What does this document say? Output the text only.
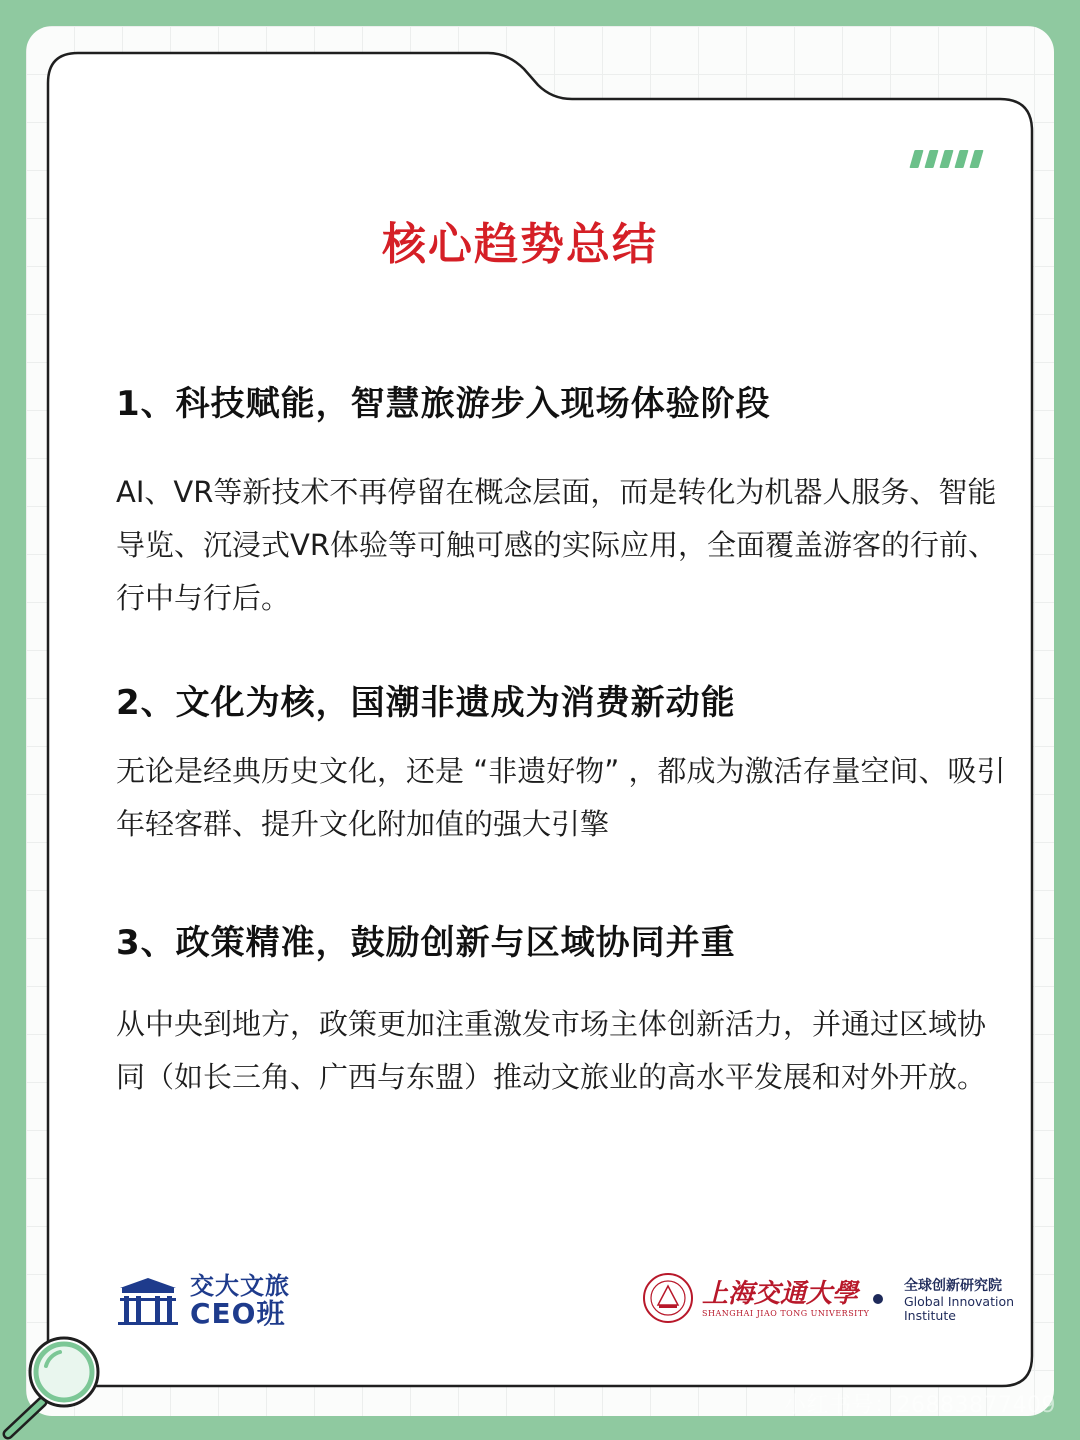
核心趋势总结
1、科技赋能，智慧旅游步入现场体验阶段
AI、VR等新技术不再停留在概念层面，而是转化为机器人服务、智能导览、沉浸式VR体验等可触可感的实际应用，全面覆盖游客的行前、行中与行后。
2、文化为核，国潮非遗成为消费新动能
无论是经典历史文化，还是 “非遗好物” ，都成为激活存量空间、吸引年轻客群、提升文化附加值的强大引擎
3、政策精准，鼓励创新与区域协同并重
从中央到地方，政策更加注重激发市场主体创新活力，并通过区域协同（如长三角、广西与东盟）推动文旅业的高水平发展和对外开放。
交大文旅
CEO班
上海交通大學
SHANGHAI JIAO TONG UNIVERSITY
全球创新研究院
Global Innovation
Institute
小红书号：26883877409
